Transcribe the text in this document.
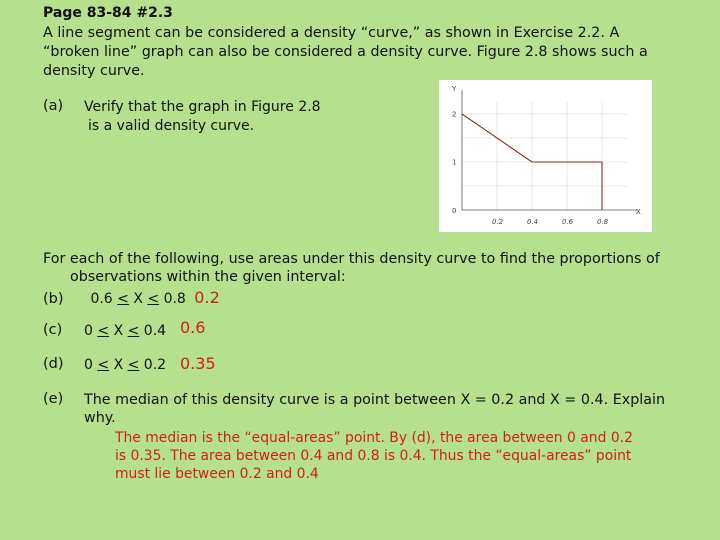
Page 83-84 #2.3
A line segment can be considered a density “curve,” as shown in Exercise 2.2. A “broken line” graph can also be considered a density curve. Figure 2.8 shows such a density curve.
(a) Verify that the graph in Figure 2.8
is a valid density curve.
Y
X
0
1
2
0.2	0.4	0.6	0.8
For each of the following, use areas under this density curve to find the proportions of
observations within the given interval:
(b) 0.6 < X < 0.8 0.2
(c) 0 < X < 0.4 0.6
(d) 0 < X < 0.2 0.35
(e) The median of this density curve is a point between X = 0.2 and X = 0.4. Explain
why.
The median is the “equal-areas” point. By (d), the area between 0 and 0.2
is 0.35. The area between 0.4 and 0.8 is 0.4. Thus the “equal-areas” point
must lie between 0.2 and 0.4
